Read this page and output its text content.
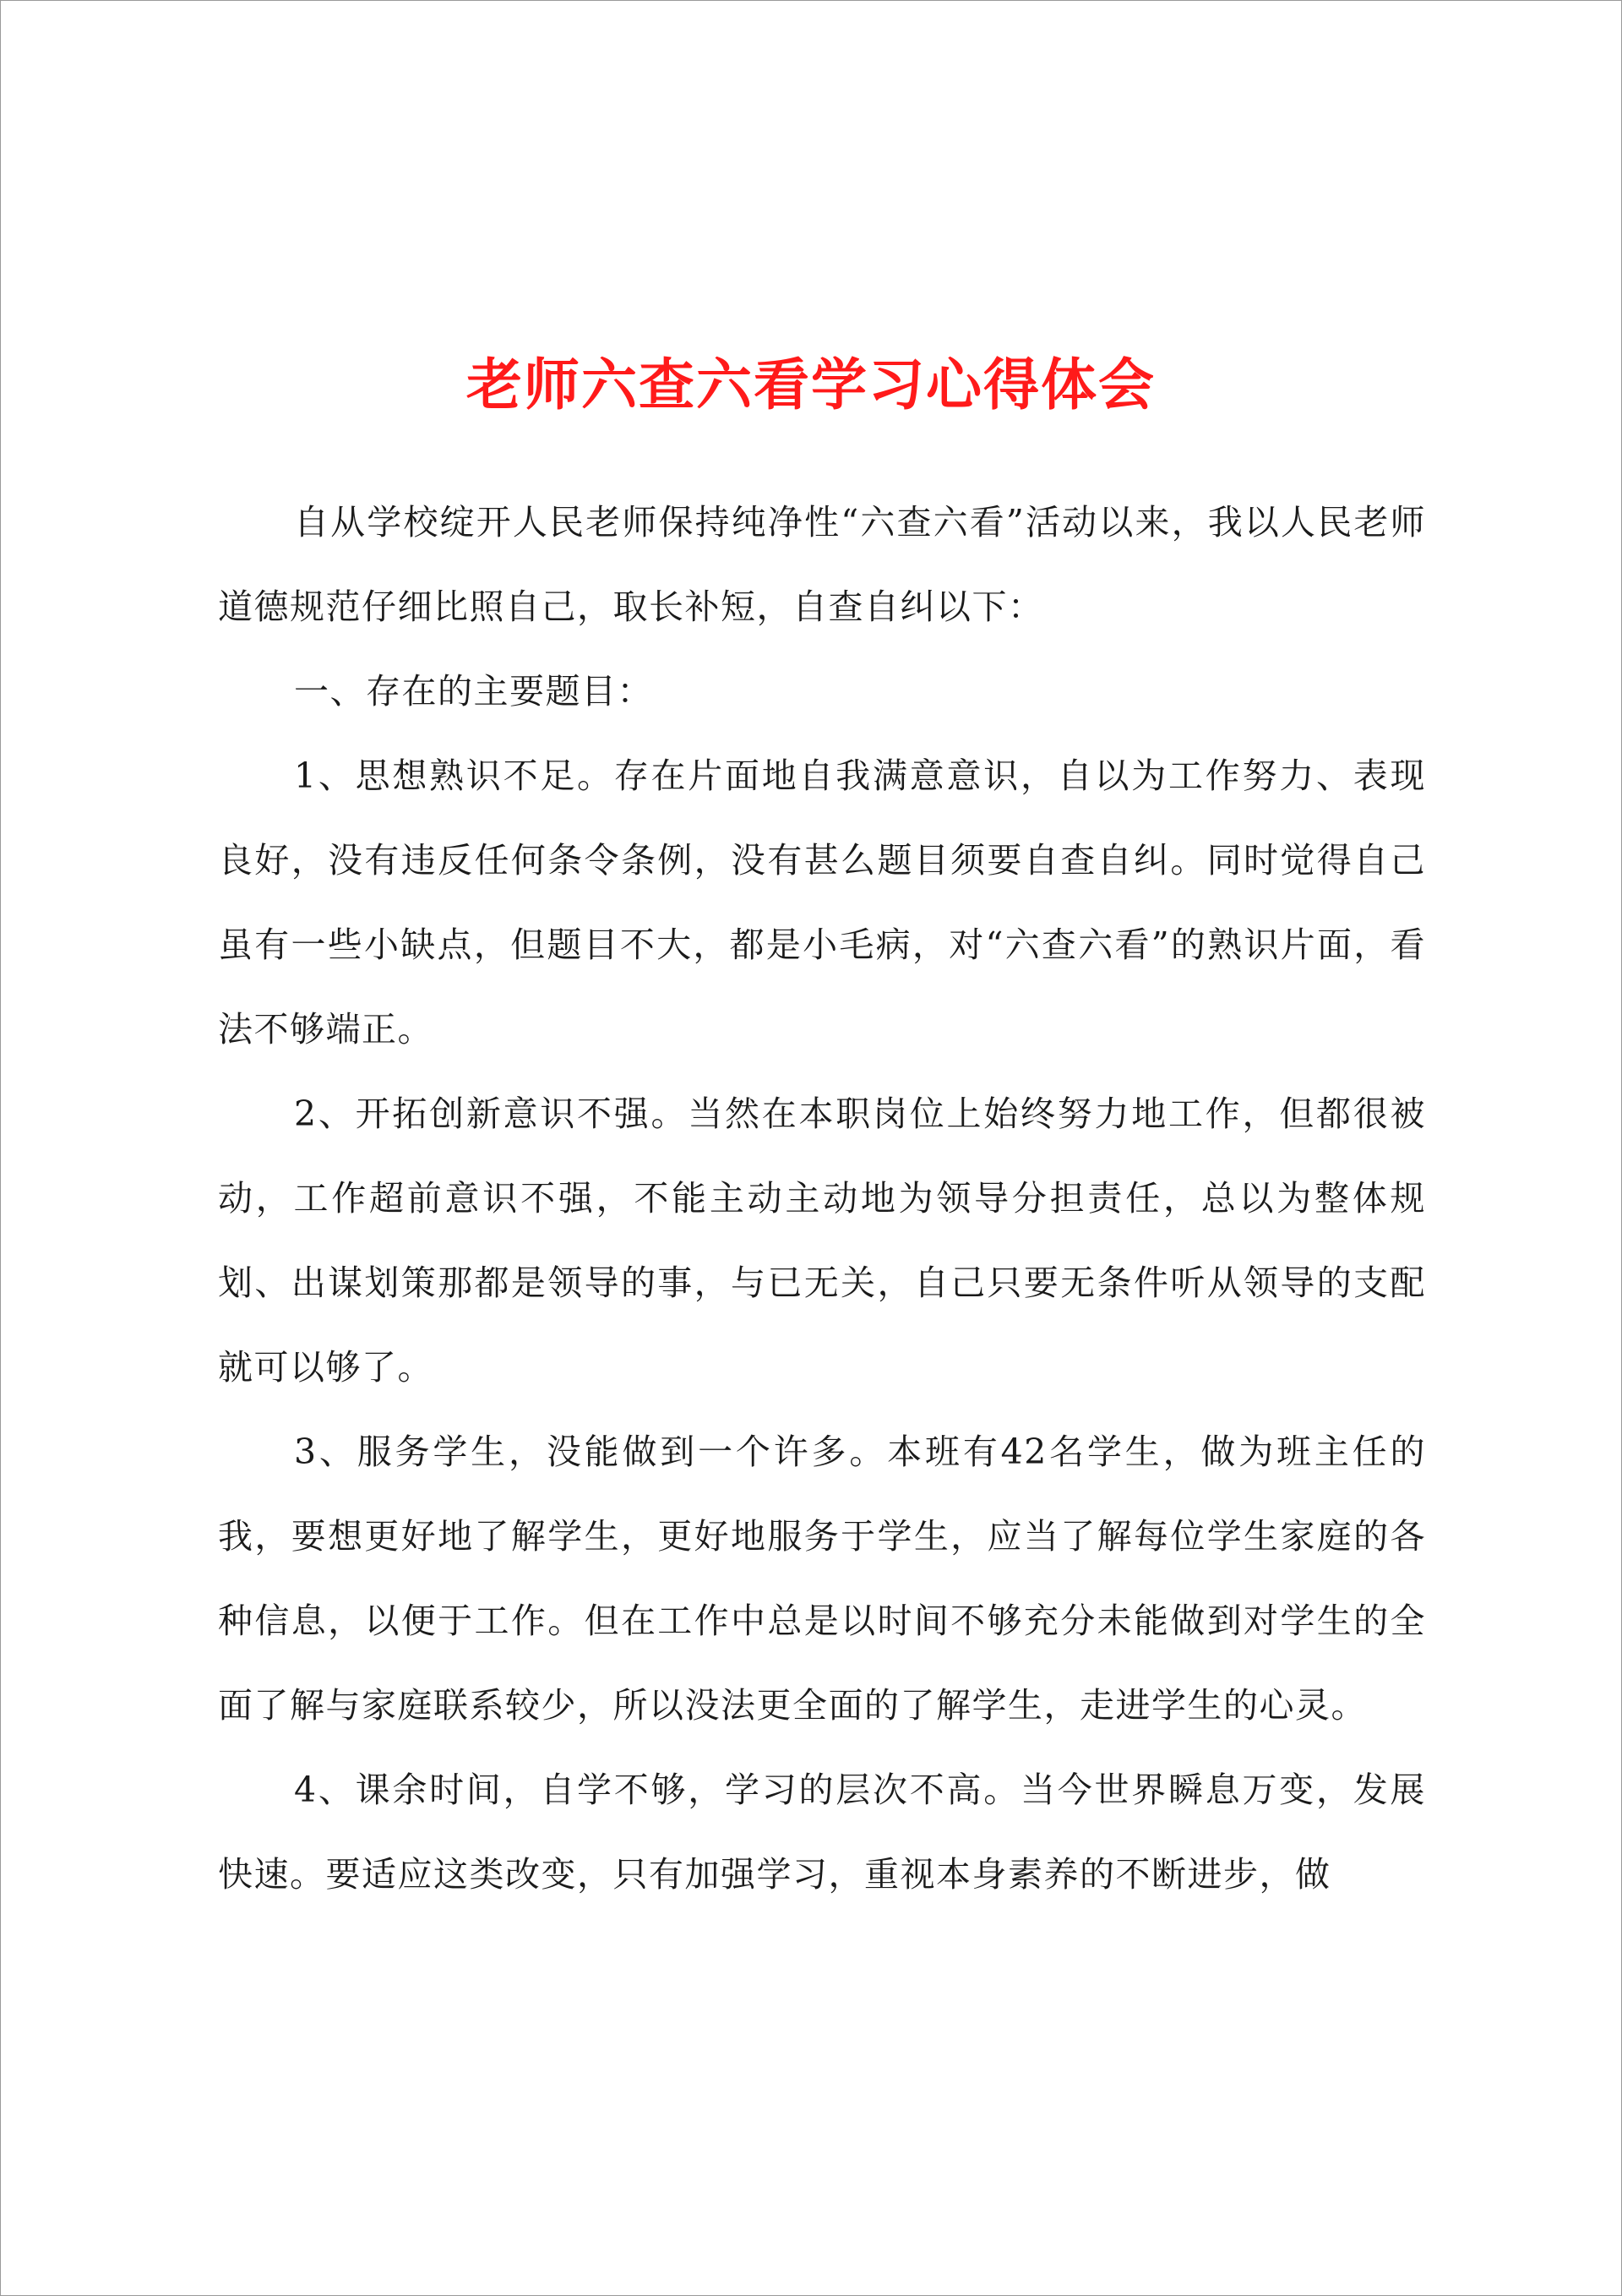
老师六查六看学习心得体会

自从学校绽开人民老师保持纯净性“六查六看”活动以来，我以人民老师道德规范仔细比照自己，取长补短，自查自纠以下：

一、存在的主要题目：

1、思想熟识不足。存在片面地自我满意意识，自以为工作努力、表现良好，没有违反任何条令条例，没有甚么题目须要自查自纠。同时觉得自己虽有一些小缺点，但题目不大，都是小毛病，对“六查六看”的熟识片面，看法不够端正。

2、开拓创新意识不强。当然在本职岗位上始终努力地工作，但都很被动，工作超前意识不强，不能主动主动地为领导分担责任，总以为整体规划、出谋划策那都是领导的事，与已无关，自己只要无条件听从领导的支配就可以够了。

3、服务学生，没能做到一个许多。本班有42名学生，做为班主任的我，要想更好地了解学生，更好地服务于学生，应当了解每位学生家庭的各种信息，以便于工作。但在工作中总是以时间不够充分未能做到对学生的全面了解与家庭联系较少，所以没法更全面的了解学生，走进学生的心灵。

4、课余时间，自学不够，学习的层次不高。当今世界瞬息万变，发展快速。要适应这类改变，只有加强学习，重视本身素养的不断进步，做
